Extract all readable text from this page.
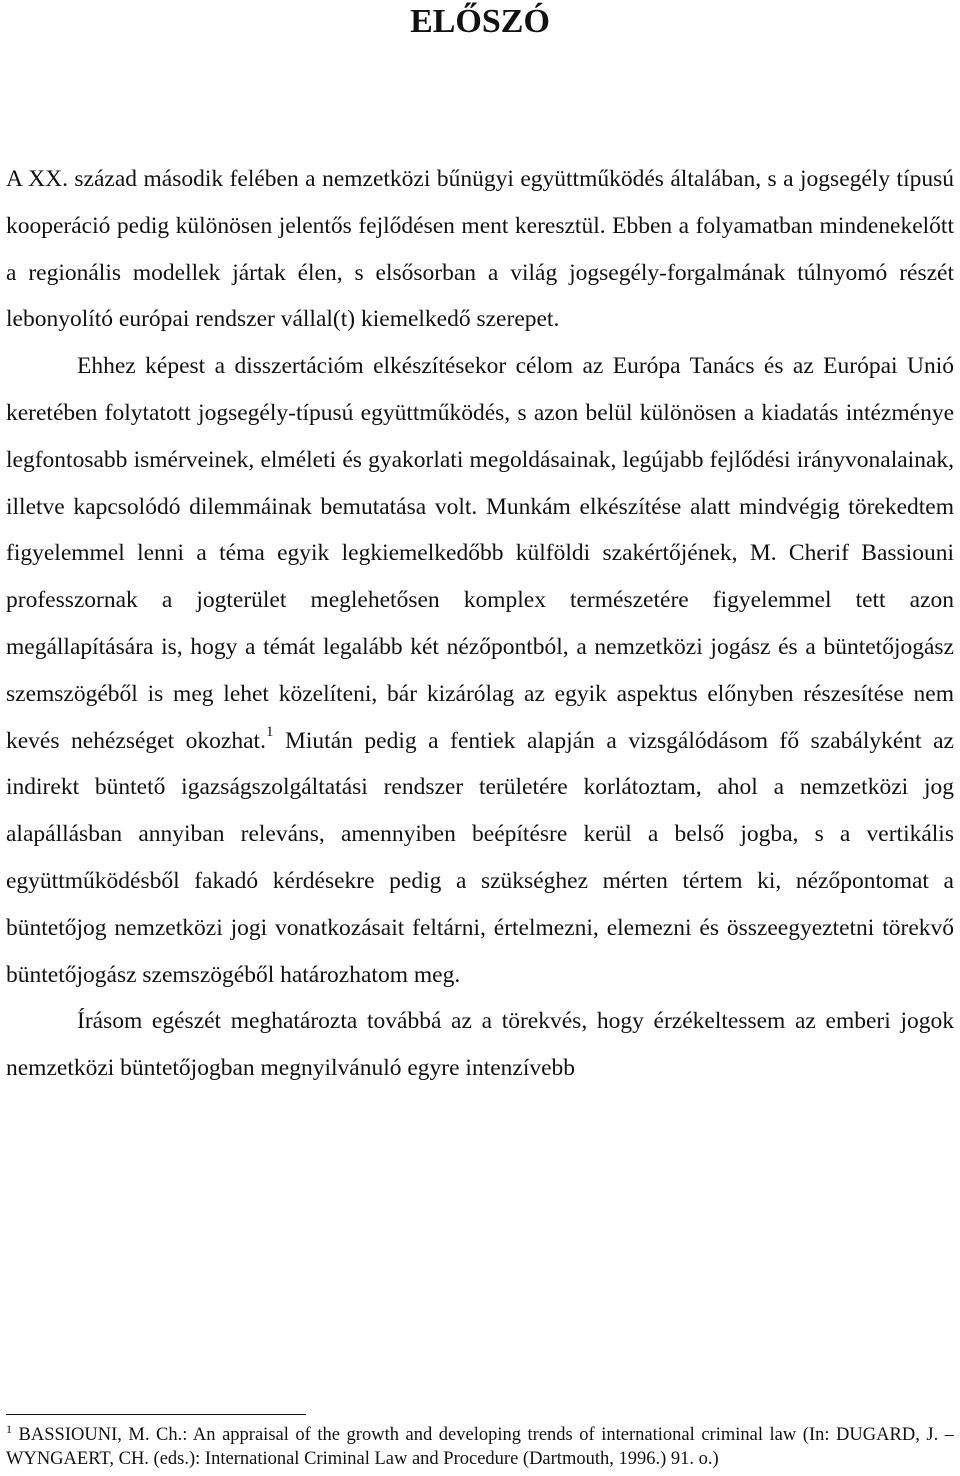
ELŐSZÓ

A XX. század második felében a nemzetközi bűnügyi együttműködés általában, s a jogsegély típusú kooperáció pedig különösen jelentős fejlődésen ment keresztül. Ebben a folyamatban mindenekelőtt a regionális modellek jártak élen, s elsősorban a világ jogsegély-forgalmának túlnyomó részét lebonyolító európai rendszer vállal(t) kiemelkedő szerepet.

Ehhez képest a disszertációm elkészítésekor célom az Európa Tanács és az Európai Unió keretében folytatott jogsegély-típusú együttműködés, s azon belül különösen a kiadatás intézménye legfontosabb ismérveinek, elméleti és gyakorlati megoldásainak, legújabb fejlődési irányvonalainak, illetve kapcsolódó dilemmáinak bemutatása volt. Munkám elkészítése alatt mindvégig törekedtem figyelemmel lenni a téma egyik legkiemelkedőbb külföldi szakértőjének, M. Cherif Bassiouni professzornak a jogterület meglehetősen komplex természetére figyelemmel tett azon megállapítására is, hogy a témát legalább két nézőpontból, a nemzetközi jogász és a büntetőjogász szemszögéből is meg lehet közelíteni, bár kizárólag az egyik aspektus előnyben részesítése nem kevés nehézséget okozhat.$^1$ Miután pedig a fentiek alapján a vizsgálódásom fő szabályként az indirekt büntető igazságszolgáltatási rendszer területére korlátoztam, ahol a nemzetközi jog alapállásban annyiban releváns, amennyiben beépítésre kerül a belső jogba, s a vertikális együttműködésből fakadó kérdésekre pedig a szükséghez mérten tértem ki, nézőpontomat a büntetőjog nemzetközi jogi vonatkozásait feltárni, értelmezni, elemezni és összeegyeztetni törekvő büntetőjogász szemszögéből határozhatom meg.

Írásom egészét meghatározta továbbá az a törekvés, hogy érzékeltessem az emberi jogok nemzetközi büntetőjogban megnyilvánuló egyre intenzívebb

$^1$ BASSIOUNI, M. Ch.: An appraisal of the growth and developing trends of international criminal law (In: DUGARD, J. – WYNGAERT, CH. (eds.): International Criminal Law and Procedure (Dartmouth, 1996.) 91. o.)
